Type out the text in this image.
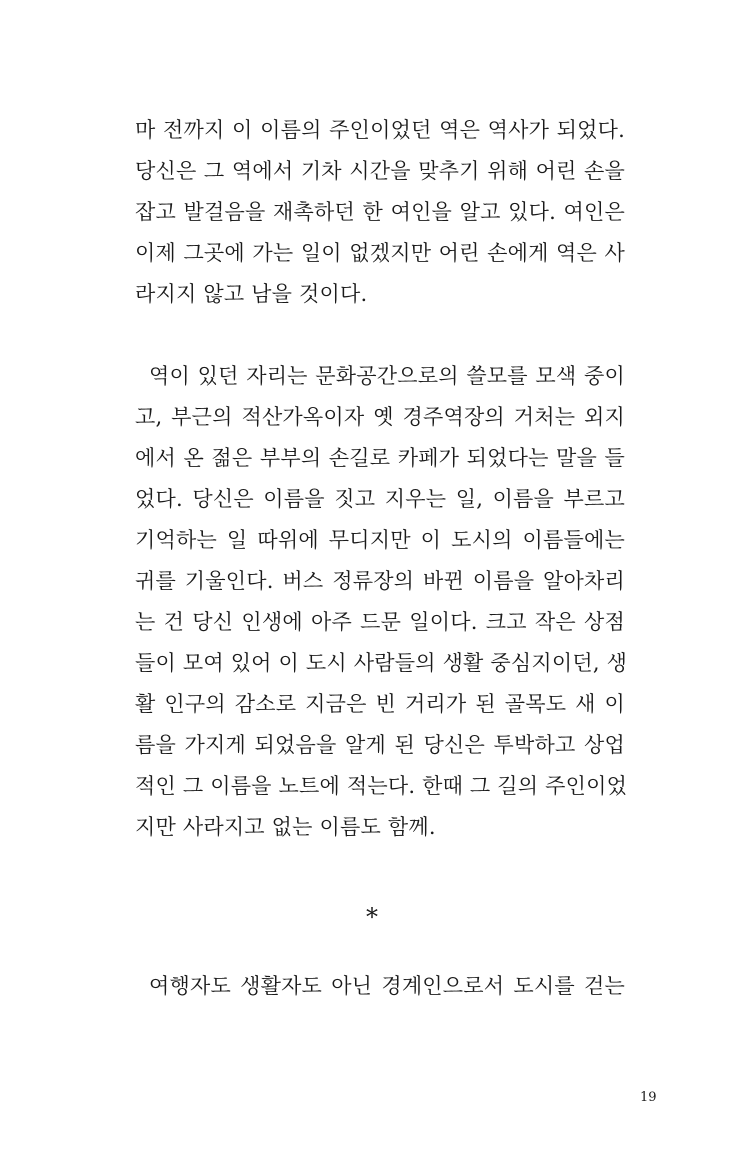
마 전까지 이 이름의 주인이었던 역은 역사가 되었다.
당신은 그 역에서 기차 시간을 맞추기 위해 어린 손을
잡고 발걸음을 재촉하던 한 여인을 알고 있다. 여인은
이제 그곳에 가는 일이 없겠지만 어린 손에게 역은 사
라지지 않고 남을 것이다.
역이 있던 자리는 문화공간으로의 쓸모를 모색 중이
고, 부근의 적산가옥이자 옛 경주역장의 거처는 외지
에서 온 젊은 부부의 손길로 카페가 되었다는 말을 들
었다. 당신은 이름을 짓고 지우는 일, 이름을 부르고
기억하는 일 따위에 무디지만 이 도시의 이름들에는
귀를 기울인다. 버스 정류장의 바뀐 이름을 알아차리
는 건 당신 인생에 아주 드문 일이다. 크고 작은 상점
들이 모여 있어 이 도시 사람들의 생활 중심지이던, 생
활 인구의 감소로 지금은 빈 거리가 된 골목도 새 이
름을 가지게 되었음을 알게 된 당신은 투박하고 상업
적인 그 이름을 노트에 적는다. 한때 그 길의 주인이었
지만 사라지고 없는 이름도 함께.
*
여행자도 생활자도 아닌 경계인으로서 도시를 걷는
19
